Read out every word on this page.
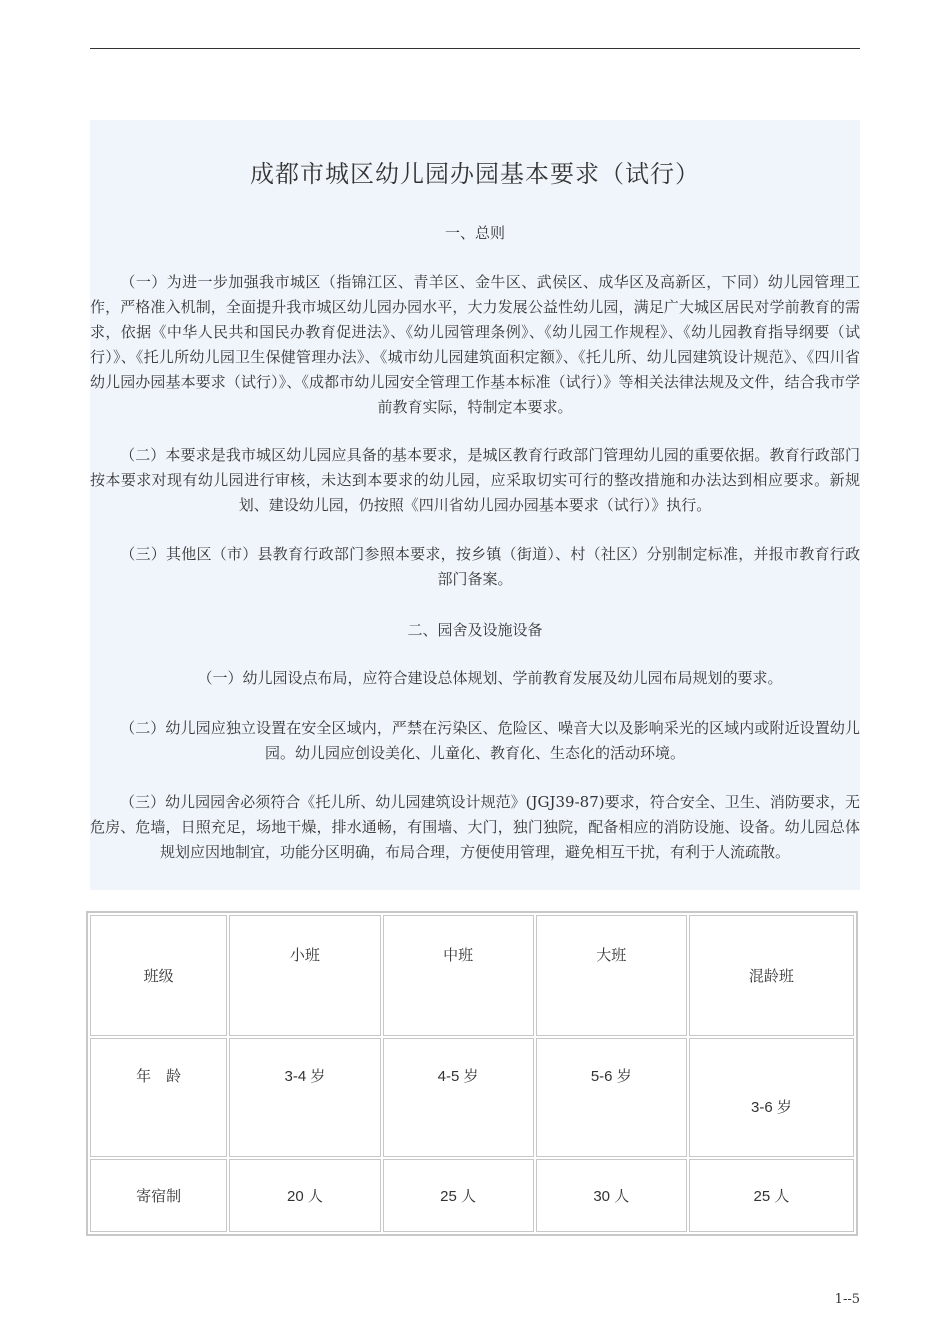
成都市城区幼儿园办园基本要求（试行）
一、总则
（一）为进一步加强我市城区（指锦江区、青羊区、金牛区、武侯区、成华区及高新区，下同）幼儿园管理工作，严格准入机制，全面提升我市城区幼儿园办园水平，大力发展公益性幼儿园，满足广大城区居民对学前教育的需求，依据《中华人民共和国民办教育促进法》、《幼儿园管理条例》、《幼儿园工作规程》、《幼儿园教育指导纲要（试行）》、《托儿所幼儿园卫生保健管理办法》、《城市幼儿园建筑面积定额》、《托儿所、幼儿园建筑设计规范》、《四川省幼儿园办园基本要求（试行）》、《成都市幼儿园安全管理工作基本标准（试行）》等相关法律法规及文件，结合我市学前教育实际，特制定本要求。
（二）本要求是我市城区幼儿园应具备的基本要求，是城区教育行政部门管理幼儿园的重要依据。教育行政部门按本要求对现有幼儿园进行审核，未达到本要求的幼儿园，应采取切实可行的整改措施和办法达到相应要求。新规划、建设幼儿园，仍按照《四川省幼儿园办园基本要求（试行）》执行。
（三）其他区（市）县教育行政部门参照本要求，按乡镇（街道）、村（社区）分别制定标准，并报市教育行政部门备案。
二、园舍及设施设备
（一）幼儿园设点布局，应符合建设总体规划、学前教育发展及幼儿园布局规划的要求。
（二）幼儿园应独立设置在安全区域内，严禁在污染区、危险区、噪音大以及影响采光的区域内或附近设置幼儿园。幼儿园应创设美化、儿童化、教育化、生态化的活动环境。
（三）幼儿园园舍必须符合《托儿所、幼儿园建筑设计规范》(JGJ39-87)要求，符合安全、卫生、消防要求，无危房、危墙，日照充足，场地干燥，排水通畅，有围墙、大门，独门独院，配备相应的消防设施、设备。幼儿园总体规划应因地制宜，功能分区明确，布局合理，方便使用管理，避免相互干扰，有利于人流疏散。
班级	小班	中班	大班	混龄班
年　龄	3-4 岁	4-5 岁	5-6 岁	3-6 岁
寄宿制	20 人	25 人	30 人	25 人
1--5
